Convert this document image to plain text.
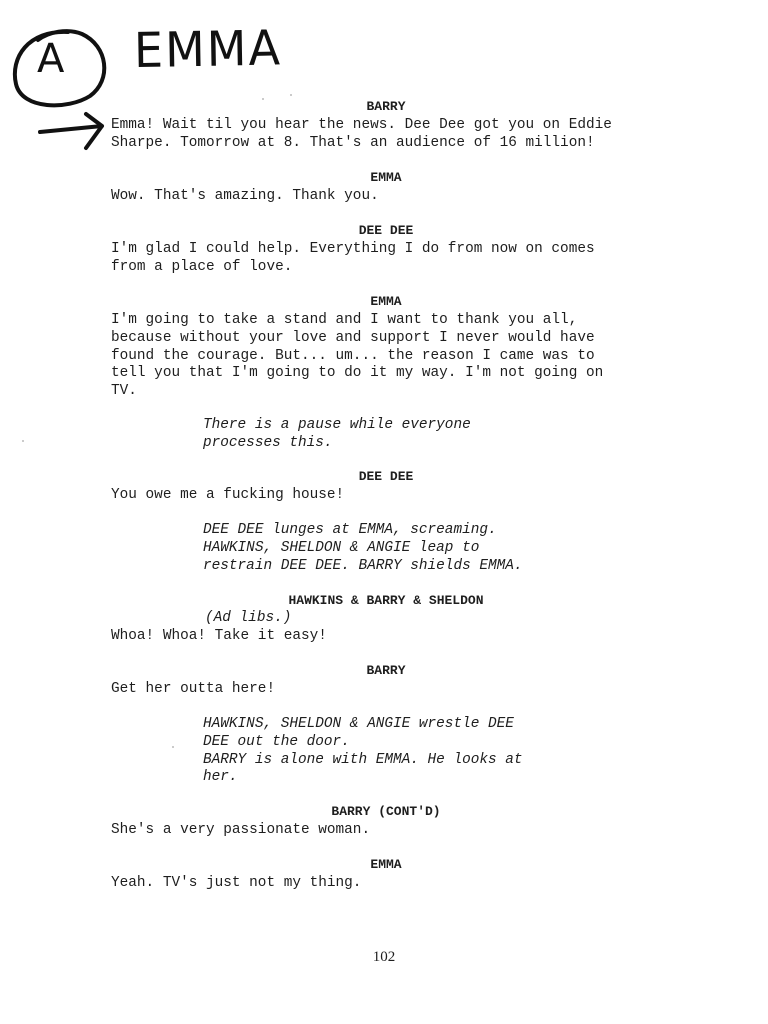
A EMMA
BARRY
Emma! Wait til you hear the news. Dee Dee got you on Eddie
Sharpe. Tomorrow at 8. That's an audience of 16 million!
EMMA
Wow. That's amazing. Thank you.
DEE DEE
I'm glad I could help. Everything I do from now on comes
from a place of love.
EMMA
I'm going to take a stand and I want to thank you all,
because without your love and support I never would have
found the courage. But... um... the reason I came was to
tell you that I'm going to do it my way. I'm not going on
TV.
There is a pause while everyone
processes this.
DEE DEE
You owe me a fucking house!
DEE DEE lunges at EMMA, screaming.
HAWKINS, SHELDON & ANGIE leap to
restrain DEE DEE. BARRY shields EMMA.
HAWKINS & BARRY & SHELDON
(Ad libs.)
Whoa! Whoa! Take it easy!
BARRY
Get her outta here!
HAWKINS, SHELDON & ANGIE wrestle DEE
DEE out the door.
BARRY is alone with EMMA. He looks at
her.
BARRY (CONT'D)
She's a very passionate woman.
EMMA
Yeah. TV's just not my thing.
102
